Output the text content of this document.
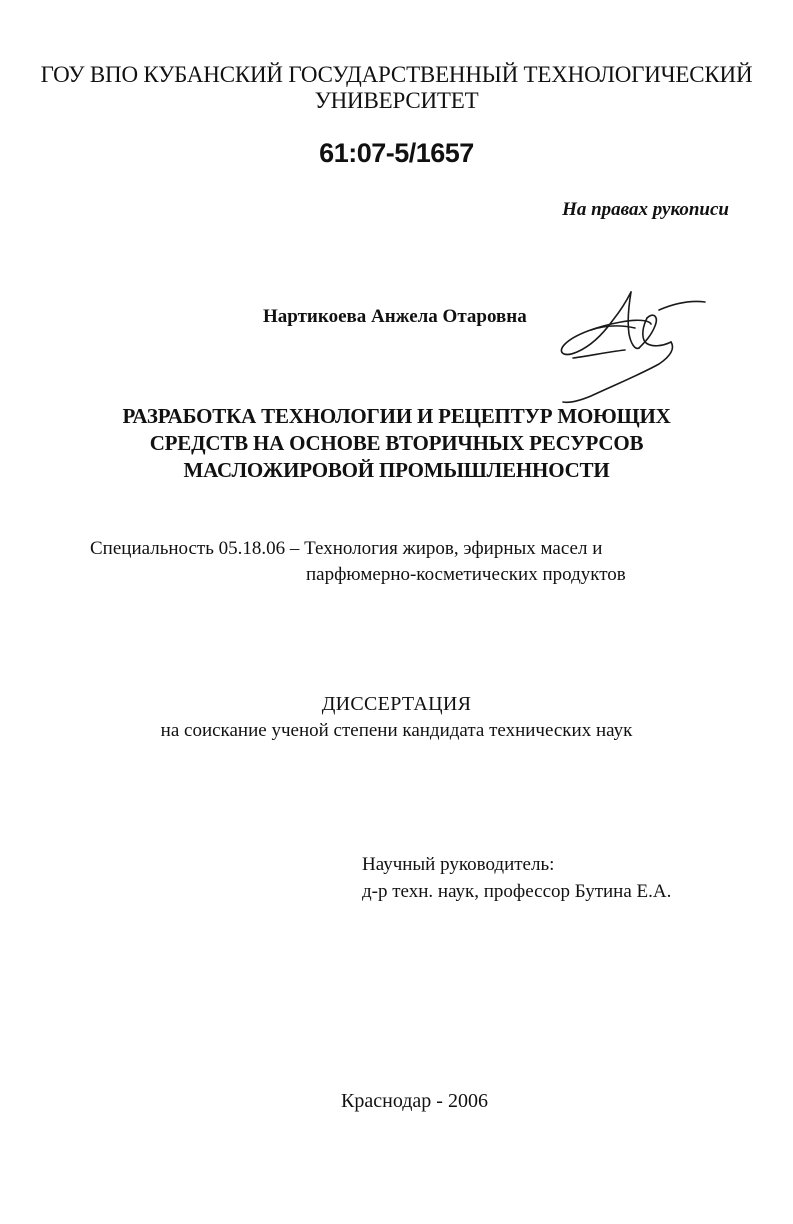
ГОУ ВПО КУБАНСКИЙ ГОСУДАРСТВЕННЫЙ ТЕХНОЛОГИЧЕСКИЙ
УНИВЕРСИТЕТ
61:07-5/1657
На правах рукописи
Нартикоева Анжела Отаровна
РАЗРАБОТКА ТЕХНОЛОГИИ И РЕЦЕПТУР МОЮЩИХ
СРЕДСТВ НА ОСНОВЕ ВТОРИЧНЫХ РЕСУРСОВ
МАСЛОЖИРОВОЙ ПРОМЫШЛЕННОСТИ
Специальность 05.18.06 – Технология жиров, эфирных масел и
парфюмерно-косметических продуктов
ДИССЕРТАЦИЯ
на соискание ученой степени кандидата технических наук
Научный руководитель:
д-р техн. наук, профессор Бутина Е.А.
Краснодар - 2006
